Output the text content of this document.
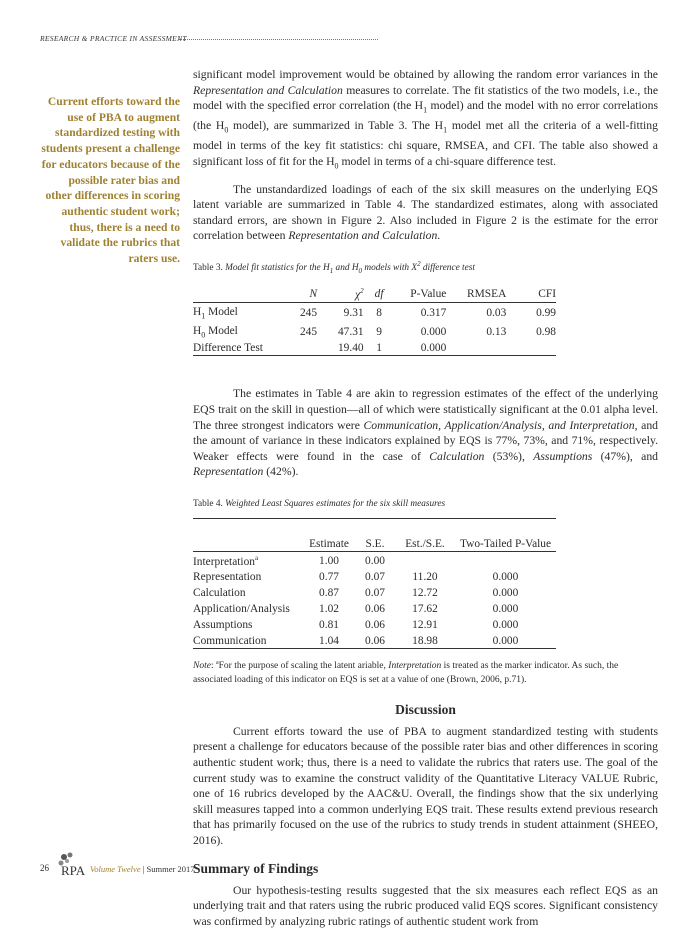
RESEARCH & PRACTICE IN ASSESSMENT
Current efforts toward the use of PBA to augment standardized testing with students present a challenge for educators because of the possible rater bias and other differences in scoring authentic student work; thus, there is a need to validate the rubrics that raters use.

significant model improvement would be obtained by allowing the random error variances in the Representation and Calculation measures to correlate. The fit statistics of the two models, i.e., the model with the specified error correlation (the $H_1$ model) and the model with no error correlations (the $H_0$ model), are summarized in Table 3. The $H_1$ model met all the criteria of a well-fitting model in terms of the key fit statistics: chi square, RMSEA, and CFI. The table also showed a significant loss of fit for the $H_0$ model in terms of a chi-square difference test.

The unstandardized loadings of each of the six skill measures on the underlying EQS latent variable are summarized in Table 4. The standardized estimates, along with associated standard errors, are shown in Figure 2. Also included in Figure 2 is the estimate for the error correlation between Representation and Calculation.

Table 3. Model fit statistics for the $H_1$ and $H_0$ models with $X^2$ difference test

	N	$\chi^2$	df	P-Value	RMSEA	CFI
$H_1$ Model	245	9.31	8	0.317	0.03	0.99
$H_0$ Model	245	47.31	9	0.000	0.13	0.98
Difference Test		19.40	1	0.000		

The estimates in Table 4 are akin to regression estimates of the effect of the underlying EQS trait on the skill in question—all of which were statistically significant at the 0.01 alpha level. The three strongest indicators were Communication, Application/Analysis, and Interpretation, and the amount of variance in these indicators explained by EQS is 77%, 73%, and 71%, respectively. Weaker effects were found in the case of Calculation (53%), Assumptions (47%), and Representation (42%).

Table 4. Weighted Least Squares estimates for the six skill measures

	Estimate	S.E.	Est./S.E.	Two-Tailed P-Value
Interpretation$^a$	1.00	0.00		
Representation	0.77	0.07	11.20	0.000
Calculation	0.87	0.07	12.72	0.000
Application/Analysis	1.02	0.06	17.62	0.000
Assumptions	0.81	0.06	12.91	0.000
Communication	1.04	0.06	18.98	0.000

Note: $^a$For the purpose of scaling the latent ariable, Interpretation is treated as the marker indicator. As such, the associated loading of this indicator on EQS is set at a value of one (Brown, 2006, p.71).

Discussion

Current efforts toward the use of PBA to augment standardized testing with students present a challenge for educators because of the possible rater bias and other differences in scoring authentic student work; thus, there is a need to validate the rubrics that raters use. The goal of the current study was to examine the construct validity of the Quantitative Literacy VALUE Rubric, one of 16 rubrics developed by the AAC&U. Overall, the findings show that the six underlying skill measures tapped into a common underlying EQS trait. These results extend previous research that has primarily focused on the use of the rubrics to study trends in student attainment (SHEEO, 2016).

Summary of Findings

Our hypothesis-testing results suggested that the six measures each reflect EQS as an underlying trait and that raters using the rubric produced valid EQS scores. Significant consistency was confirmed by analyzing rubric ratings of authentic student work from

26 RPA Volume Twelve | Summer 2017
